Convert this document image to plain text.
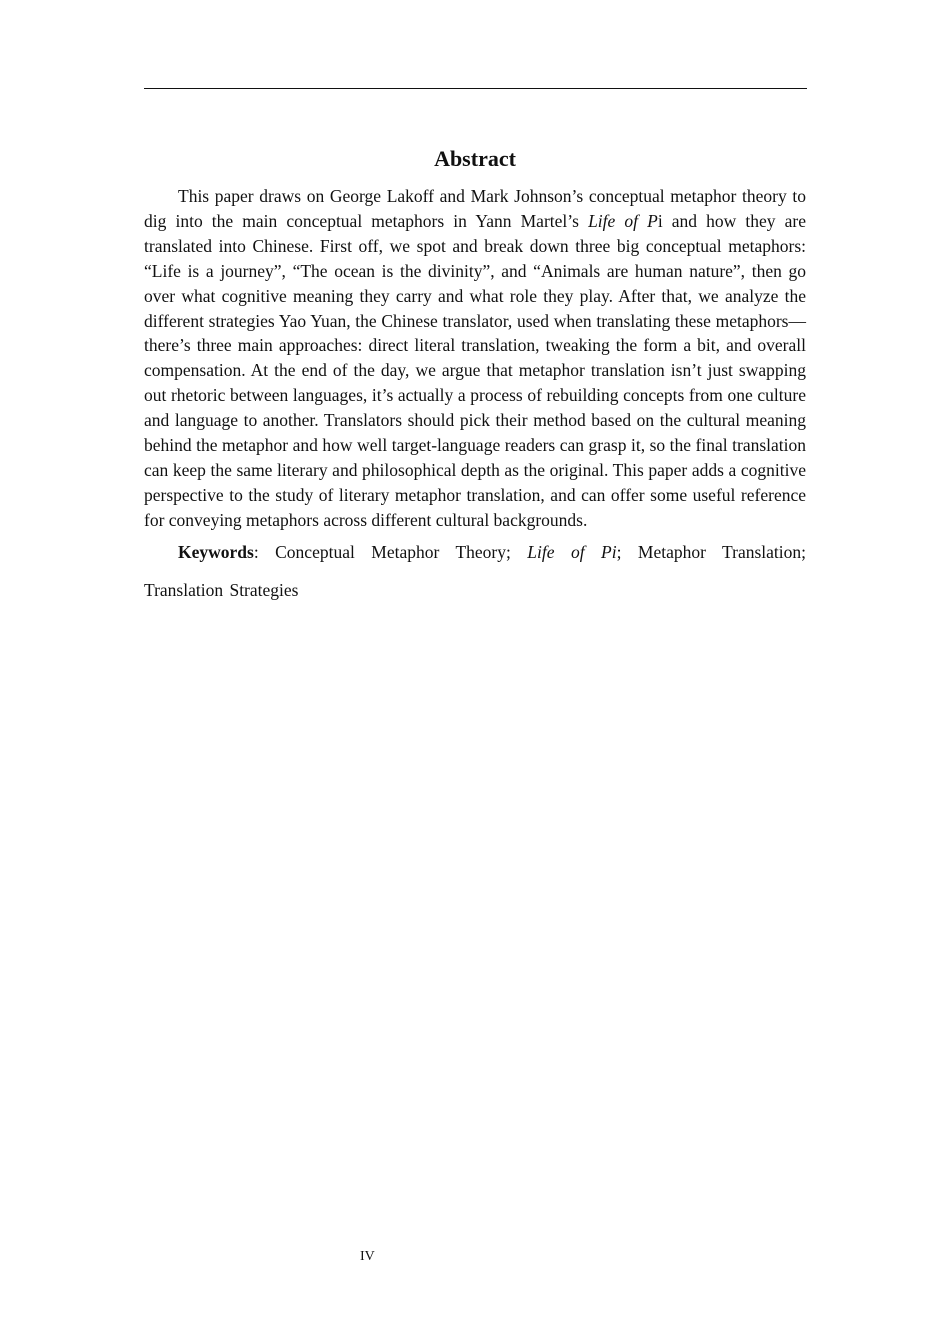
Abstract

This paper draws on George Lakoff and Mark Johnson’s conceptual metaphor theory to dig into the main conceptual metaphors in Yann Martel’s Life of Pi and how they are translated into Chinese. First off, we spot and break down three big conceptual metaphors: “Life is a journey”, “The ocean is the divinity”, and “Animals are human nature”, then go over what cognitive meaning they carry and what role they play. After that, we analyze the different strategies Yao Yuan, the Chinese translator, used when translating these metaphors—there’s three main approaches: direct literal translation, tweaking the form a bit, and overall compensation. At the end of the day, we argue that metaphor translation isn’t just swapping out rhetoric between languages, it’s actually a process of rebuilding concepts from one culture and language to another. Translators should pick their method based on the cultural meaning behind the metaphor and how well target-language readers can grasp it, so the final translation can keep the same literary and philosophical depth as the original. This paper adds a cognitive perspective to the study of literary metaphor translation, and can offer some useful reference for conveying metaphors across different cultural backgrounds.

Keywords: Conceptual Metaphor Theory; Life of Pi; Metaphor Translation; Translation Strategies

IV
